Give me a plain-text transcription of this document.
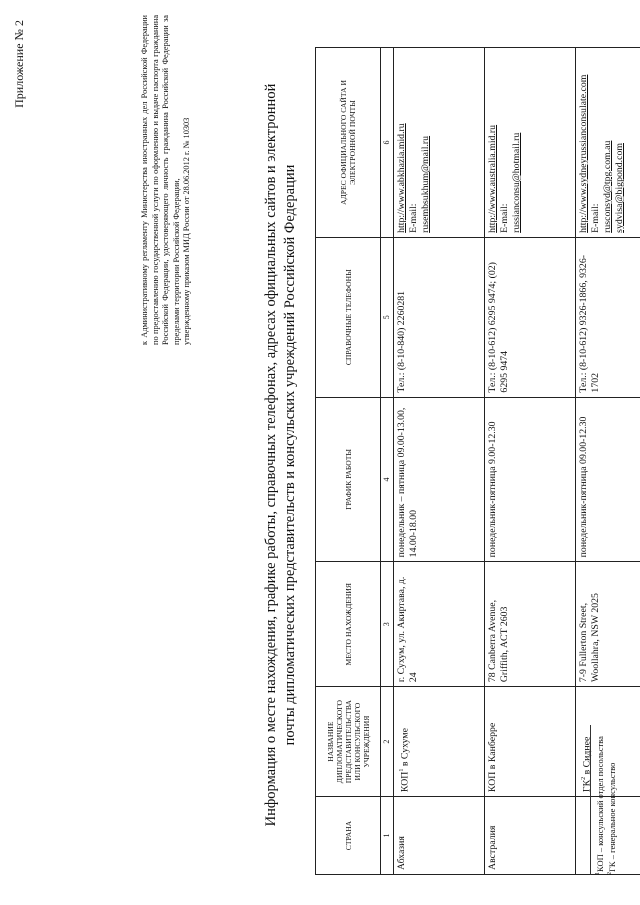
Приложение № 2	к Административному регламенту Министерства иностранных дел Российской Федерации по предоставлению государственной услуги по оформлению и выдаче паспорта гражданина Российской Федерации, удостоверяющего личность гражданина Российской Федерации за пределами территории Российской Федерации, утвержденному приказом МИД России от 28.06.2012 г. № 10303	Информация о месте нахождения, графике работы, справочных телефонах, адресах официальных сайтов и электронной почты дипломатических представительств и консульских учреждений Российской Федерации
СТРАНА	НАЗВАНИЕ ДИПЛОМАТИЧЕСКОГО ПРЕДСТАВИТЕЛЬСТВА ИЛИ КОНСУЛЬСКОГО УЧРЕЖДЕНИЯ	МЕСТО НАХОЖДЕНИЯ	ГРАФИК РАБОТЫ	СПРАВОЧНЫЕ ТЕЛЕФОНЫ	АДРЕС ОФИЦИАЛЬНОГО САЙТА И ЭЛЕКТРОННОЙ ПОЧТЫ
1	2	3	4	5	6
Абхазия	КОП$^1$ в Сухуме	г. Сухум, ул. Акиртава, д. 24	понедельник – пятница 09.00-13.00, 14.00-18.00	Тел.: (8-10-840) 2260281	http://www.abkhazia.mid.ru E-mail: rusembsukhum@mail.ru

Австралия	КОП в Канберре	78 Canberra Avenue, Griffith, ACT 2603	понедельник-пятница 9.00-12.30	Тел.: (8-10-612) 6295 9474; (02) 6295 9474	http://www.australia.mid.ru E-mail: russianconsu@hotmail.ru

	$ГК^2$ в Сиднее	7-9 Fullerton Street, Woollahra, NSW 2025	понедельник-пятница 09.00-12.30	Тел.: (8-10-612) 9326-1866, 9326-1702	http://www.sydneyrussianconsulate.com E-mail: rusconsyd@tpg.com.au sydvisa@bigpond.com
$^1$КОП – консульский отдел посольства
$^2$ГК – генеральное консульство
